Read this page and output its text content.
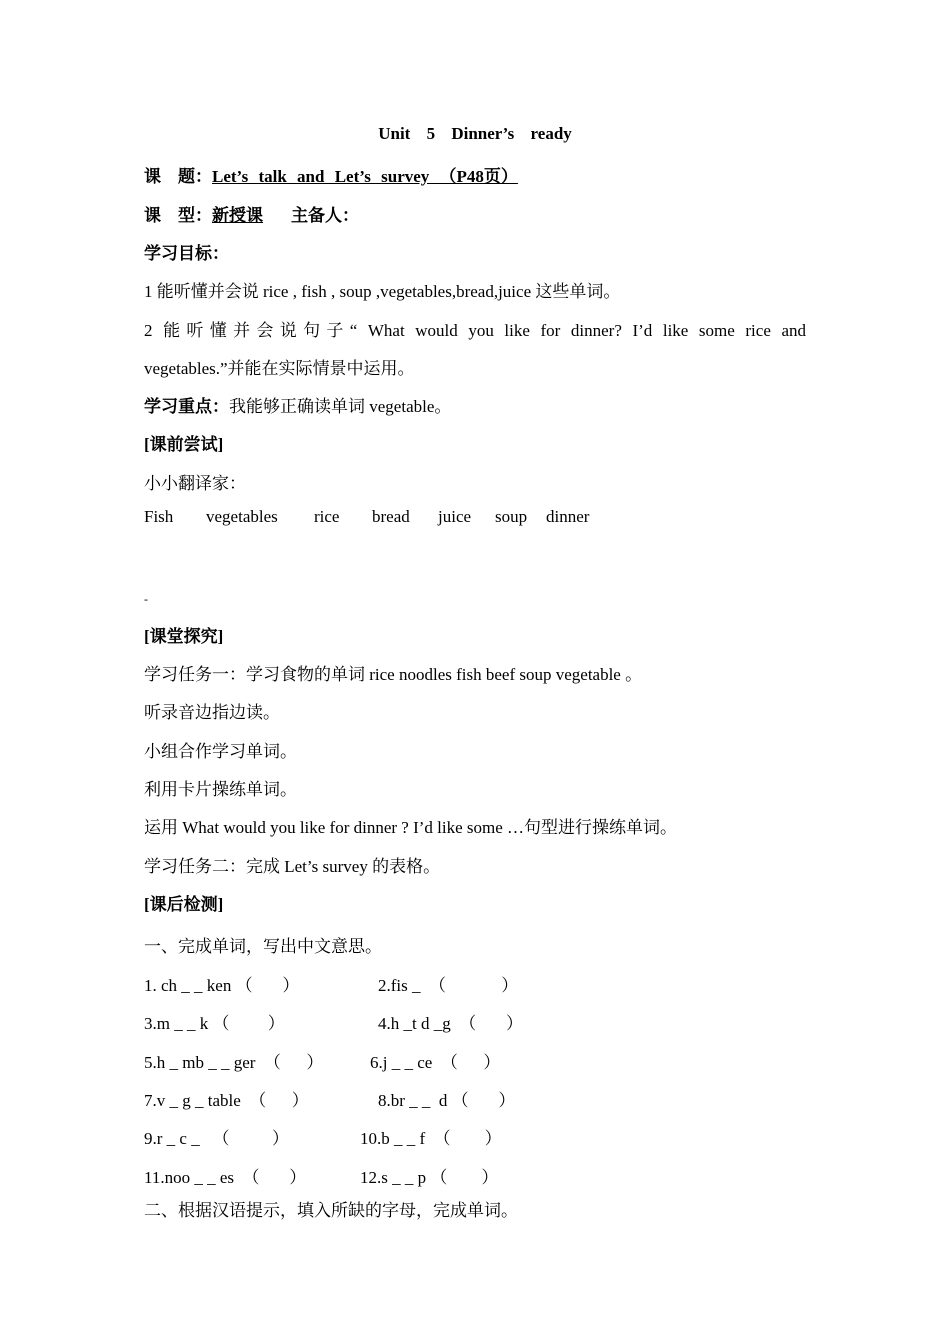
Unit 5 Dinner’s ready
课　题：Let’s talk and Let’s survey （P48页）
课　型：新授课 主备人：
学习目标：
1 能听懂并会说 rice , fish , soup ,vegetables,bread,juice 这些单词。
2 能听懂并会说句子“ What would you like for dinner? I’d like some rice and
vegetables.”并能在实际情景中运用。
学习重点：我能够正确读单词 vegetable。
[课前尝试]
小小翻译家：
Fish vegetables rice bread juice soup dinner
-
[课堂探究]
学习任务一：学习食物的单词 rice noodles fish beef soup vegetable 。
听录音边指边读。
小组合作学习单词。
利用卡片操练单词。
运用 What would you like for dinner ? I’d like some …句型进行操练单词。
学习任务二：完成 Let’s survey 的表格。
[课后检测]
一、完成单词，写出中文意思。
1. ch _ _ ken （       ）	2.fis _  （             ）
3.m _ _ k （         ）	4.h _t d _g  （       ）
5.h _ mb _ _ ger  （      ）	6.j _ _ ce  （      ）
7.v _ g _ table  （      ）	8.br _ _  d （       ）
9.r _ c _   （          ）	10.b _ _ f  （        ）
11.noo _ _ es  （       ）	12.s _ _ p （        ）
二、根据汉语提示，填入所缺的字母，完成单词。
